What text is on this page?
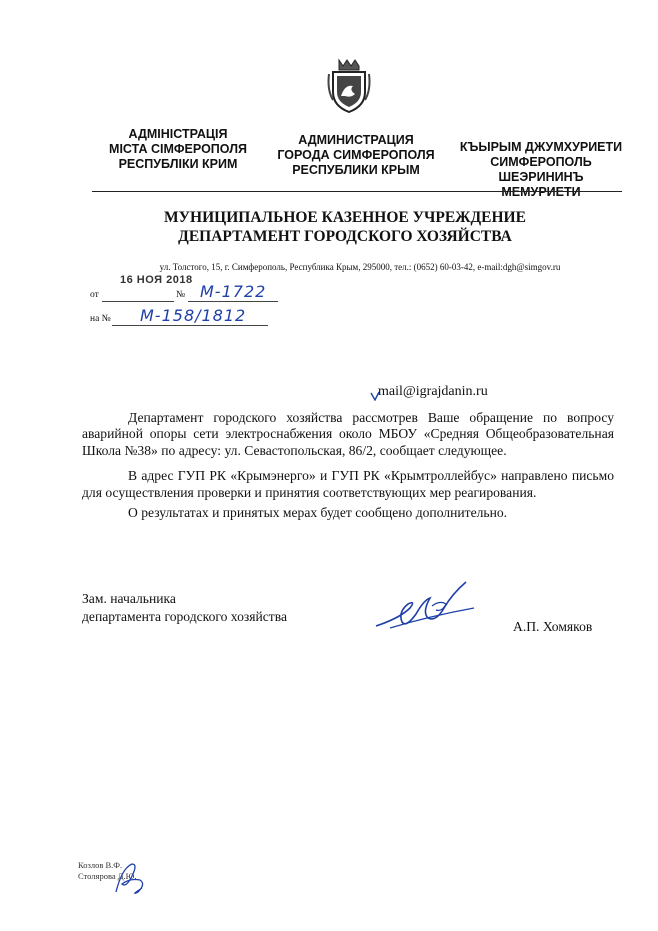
АДМІНІСТРАЦІЯ
МІСТА СІМФЕРОПОЛЯ
РЕСПУБЛІКИ КРИМ
АДМИНИСТРАЦИЯ
ГОРОДА СИМФЕРОПОЛЯ
РЕСПУБЛИКИ КРЫМ
КЪЫРЫМ ДЖУМХУРИЕТИ
СИМФЕРОПОЛЬ
ШЕЭРИНИНЪ
МЕМУРИЕТИ
МУНИЦИПАЛЬНОЕ КАЗЕННОЕ УЧРЕЖДЕНИЕ
ДЕПАРТАМЕНТ ГОРОДСКОГО ХОЗЯЙСТВА
ул. Толстого, 15, г. Симферополь, Республика Крым, 295000, тел.: (0652) 60-03-42, e-mail:dgh@simgov.ru
16 НОЯ 2018
от	№ М-1722
на № М-158/1812
mail@igrajdanin.ru

Департамент городского хозяйства рассмотрев Ваше обращение по вопросу аварийной опоры сети электроснабжения около МБОУ «Средняя Общеобразовательная Школа №38» по адресу: ул. Севастопольская, 86/2, сообщает следующее.

В адрес ГУП РК «Крымэнерго» и ГУП РК «Крымтроллейбус» направлено письмо для осуществления проверки и принятия соответствующих мер реагирования.

О результатах и принятых мерах будет сообщено дополнительно.

Зам. начальника
департамента городского хозяйства
А.П. Хомяков
Козлов В.Ф.
Столярова Д.Ю.
